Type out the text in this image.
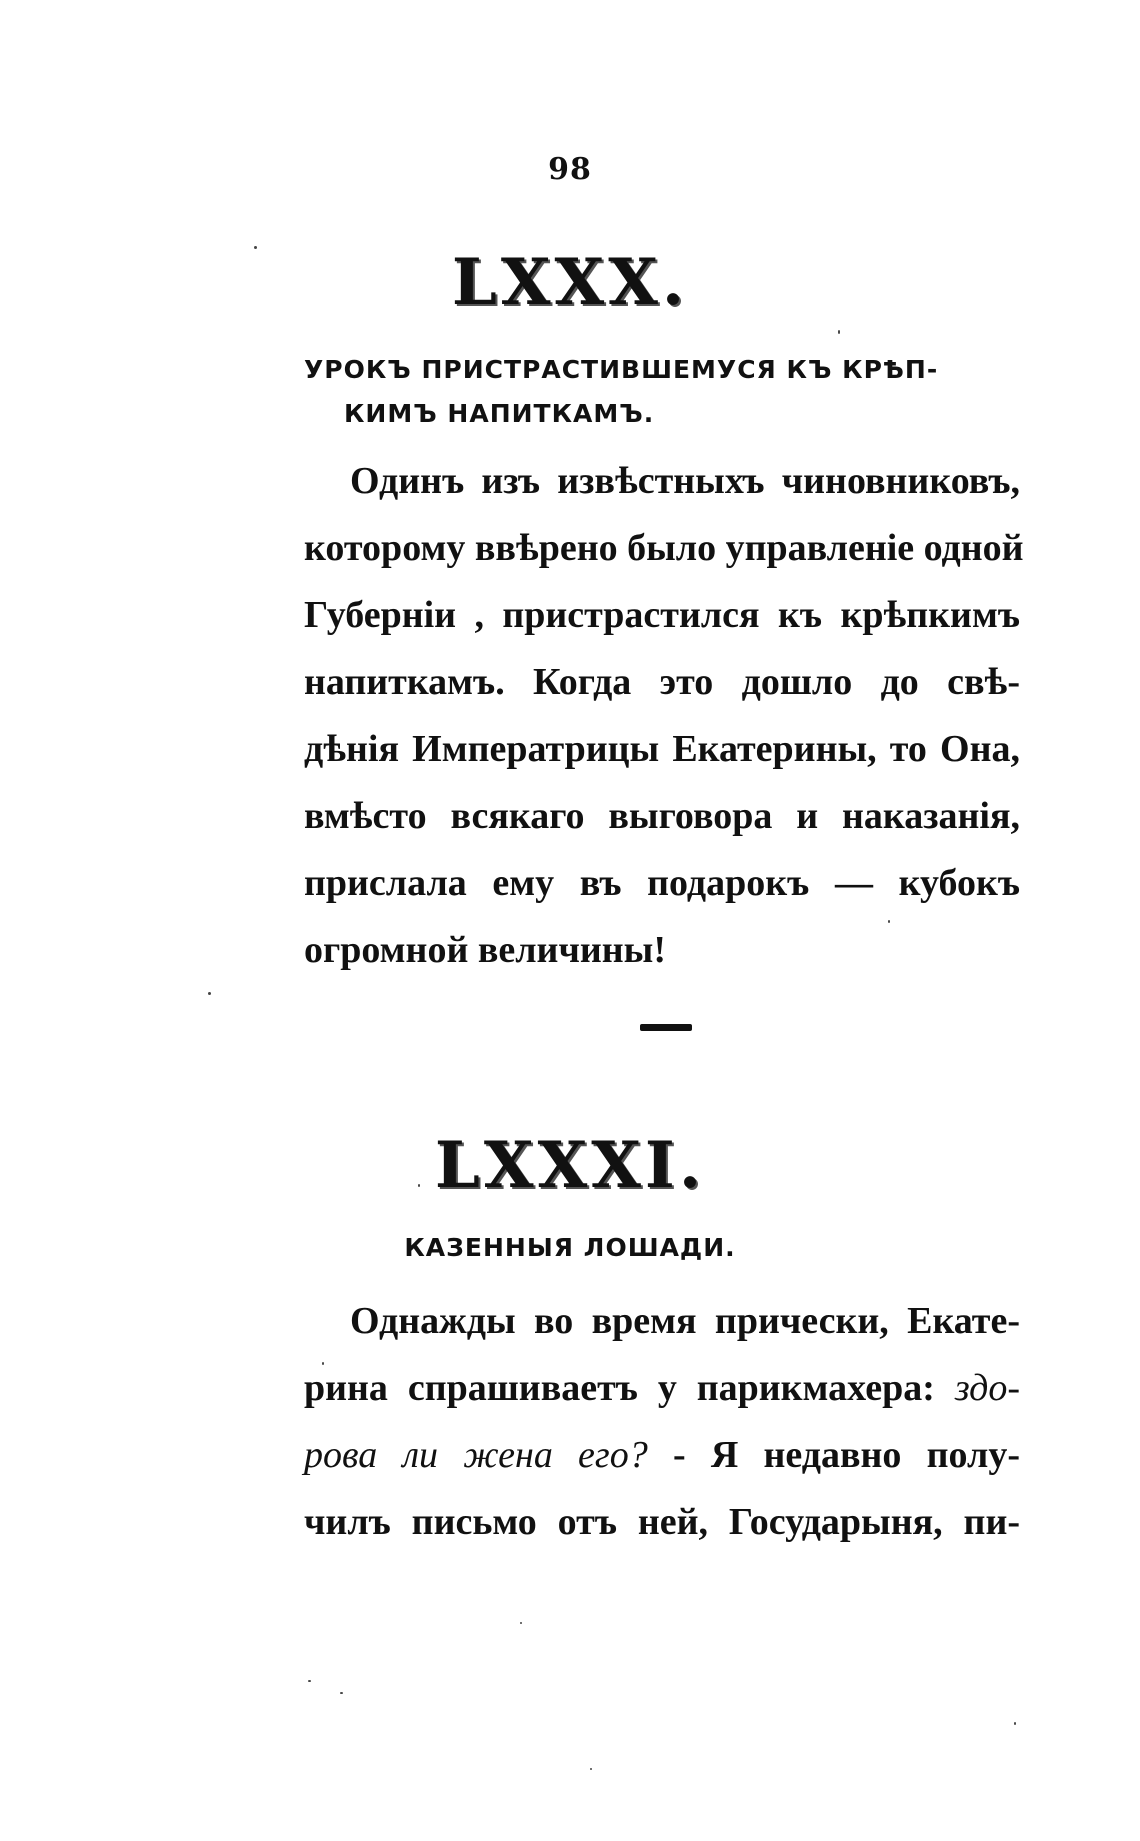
98
LXXX.
УРОКЪ ПРИСТРАСТИВШЕМУСЯ КЪ КРѢП-
КИМЪ НАПИТКАМЪ.
Одинъ изъ извѣстныхъ чиновниковъ,
которому ввѣрено было управленіе одной
Губерніи , пристрастился къ крѣпкимъ
напиткамъ. Когда это дошло до свѣ-
дѣнія Императрицы Екатерины, то Она,
вмѣсто всякаго выговора и наказанія,
прислала ему въ подарокъ — кубокъ
огромной величины!
LXXXI.
КАЗЕННЫЯ ЛОШАДИ.
Однажды во время прически, Екате-
рина спрашиваетъ у парикмахера: здо-
рова ли жена его? - Я недавно полу-
чилъ письмо отъ ней, Государыня, пи-
